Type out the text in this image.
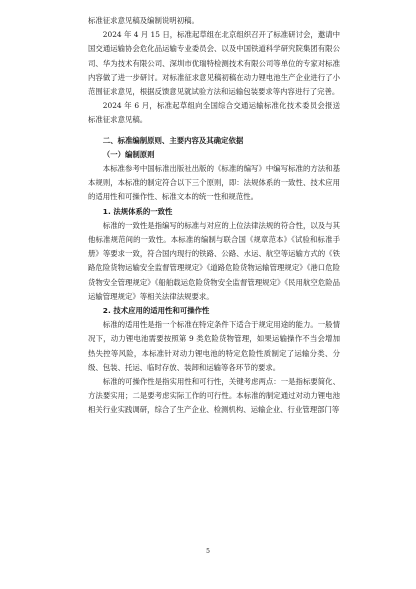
标准征求意见稿及编制说明初稿。

2024 年 4 月 15 日，标准起草组在北京组织召开了标准研讨会，邀请中国交通运输协会危化品运输专业委员会、以及中国铁道科学研究院集团有限公司、华为技术有限公司、深圳市优瑞特检测技术有限公司等单位的专家对标准内容做了进一步研讨。对标准征求意见稿初稿在动力锂电池生产企业进行了小范围征求意见，根据反馈意见就试验方法和运输包装要求等内容进行了完善。

2024 年 6 月，标准起草组向全国综合交通运输标准化技术委员会报送标准征求意见稿。

二、标准编制原则、主要内容及其确定依据

（一）编制原则

本标准参考中国标准出版社出版的《标准的编写》中编写标准的方法和基本规则，本标准的制定符合以下三个原则，即：法规体系的一致性、技术应用的适用性和可操作性、标准文本的统一性和规范性。

1. 法规体系的一致性

标准的一致性是指编写的标准与对应的上位法律法规的符合性，以及与其他标准规范间的一致性。本标准的编制与联合国《规章范本》《试验和标准手册》等要求一致，符合国内现行的铁路、公路、水运、航空等运输方式的《铁路危险货物运输安全监督管理规定》《道路危险货物运输管理规定》《港口危险货物安全管理规定》《船舶载运危险货物安全监督管理规定》《民用航空危险品运输管理规定》等相关法律法规要求。

2. 技术应用的适用性和可操作性

标准的适用性是指一个标准在特定条件下适合于规定用途的能力。一般情况下，动力锂电池需要按照第 9 类危险货物管理，如果运输操作不当会增加热失控等风险，本标准针对动力锂电池的特定危险性质制定了运输分类、分级、包装、托运、临时存放、装卸和运输等各环节的要求。

标准的可操作性是指实用性和可行性，关键考虑两点：一是指标要简化、方法要实用；二是要考虑实际工作的可行性。本标准的制定通过对动力锂电池相关行业实践调研，综合了生产企业、检测机构、运输企业、行业管理部门等

5
